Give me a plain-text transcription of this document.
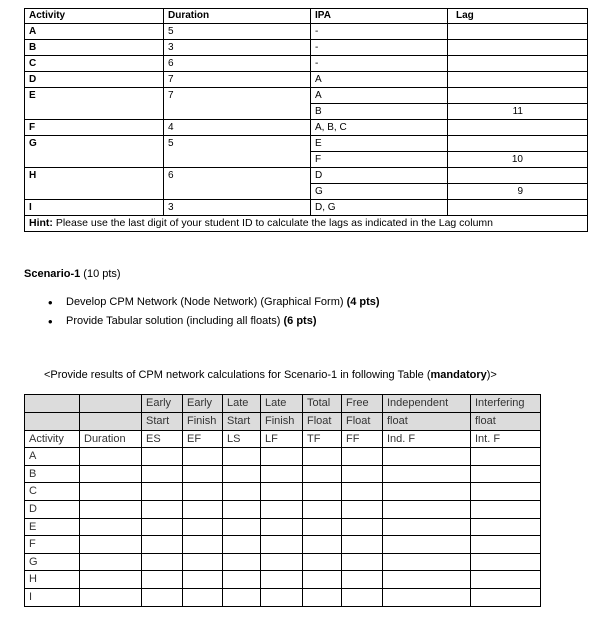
Activity	Duration	IPA	Lag
A	5	-	
B	3	-	
C	6	-	
D	7	A	
E	7	A	
		B	11
F	4	A, B, C	
G	5	E	
		F	10
H	6	D	
		G	9
I	3	D, G	
Hint: Please use the last digit of your student ID to calculate the lags as indicated in the Lag column			
Scenario-1 (10 pts)
• Develop CPM Network (Node Network) (Graphical Form) (4 pts)
• Provide Tabular solution (including all floats) (6 pts)
<Provide results of CPM network calculations for Scenario-1 in following Table (mandatory)>
		Early	Early	Late	Late	Total	Free	Independent	Interfering
		Start	Finish	Start	Finish	Float	Float	float	float
Activity	Duration	ES	EF	LS	LF	TF	FF	Ind. F	Int. F
A									
B									
C									
D									
E									
F									
G									
H									
I									
